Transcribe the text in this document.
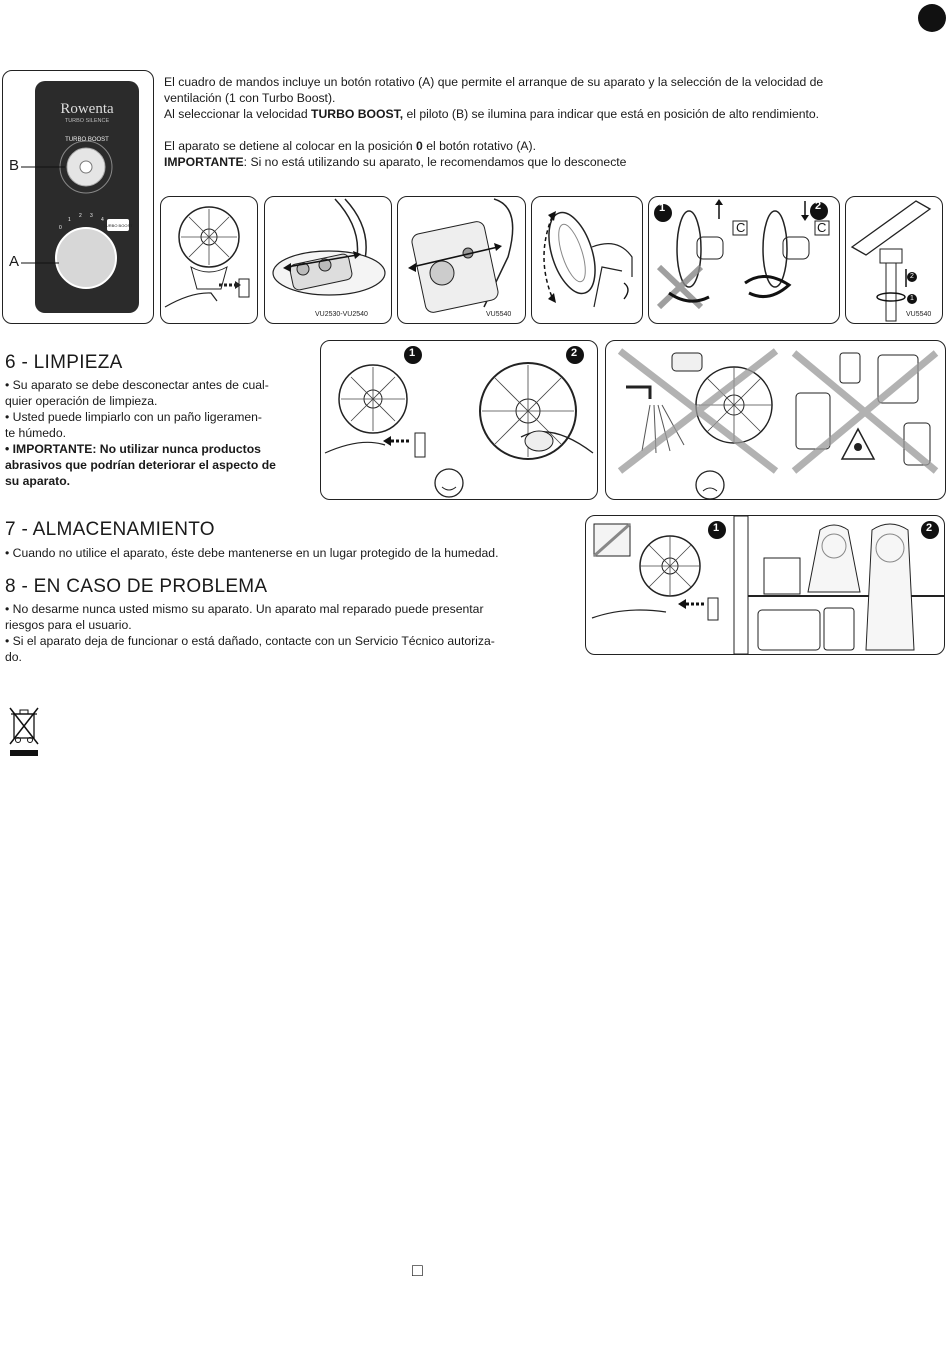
Rowenta
TURBO SILENCE
TURBO BOOST
0
1
2 3
4
TURBO BOOST
B
A

El cuadro de mandos incluye un botón rotativo (A) que permite el arranque de su aparato y la selección de la velocidad de

ventilación (1 con Turbo Boost).

Al seleccionar la velocidad TURBO BOOST, el piloto (B) se ilumina para indicar que está en posición de alto rendimiento.

El aparato se detiene al colocar en la posición 0 el botón rotativo (A).

IMPORTANTE: Si no está utilizando su aparato, le recomendamos que lo desconecte

VU2530-VU2540	VU5540
1	2
C	C
2
1
VU5540
6 - LIMPIEZA

• Su aparato se debe desconectar antes de cual-

quier operación de limpieza.

• Usted puede limpiarlo con un paño ligeramen-

te húmedo.

• IMPORTANTE: No utilizar nunca productos

abrasivos que podrían deteriorar el aspecto de

su aparato.

1	2
7 - ALMACENAMIENTO

• Cuando no utilice el aparato, éste debe mantenerse en un lugar protegido de la humedad.

8 - EN CASO DE PROBLEMA

• No desarme nunca usted mismo su aparato. Un aparato mal reparado puede presentar

riesgos para el usuario.

• Si el aparato deja de funcionar o está dañado, contacte con un Servicio Técnico autoriza-

do.

1	2
□
